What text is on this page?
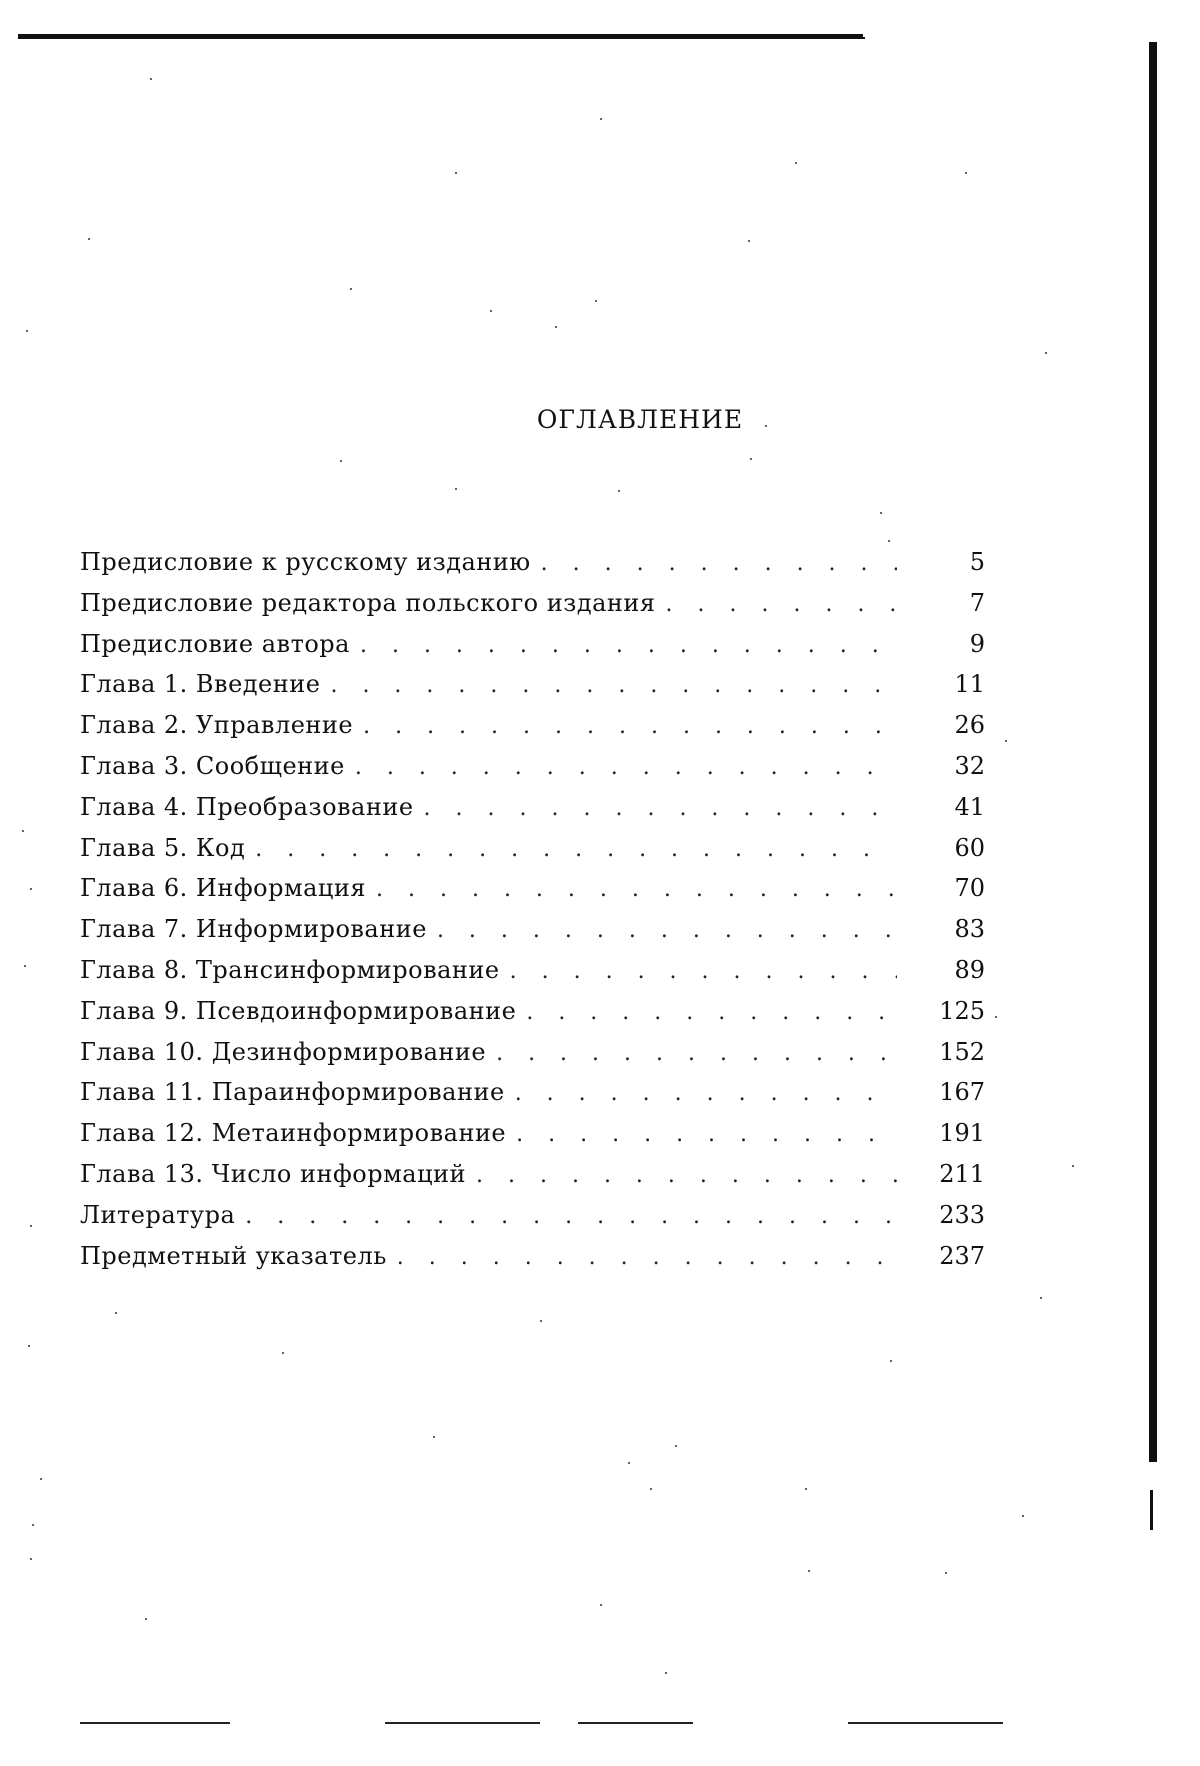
ОГЛАВЛЕНИЕ
Предисловие к русскому изданию . . .	5
Предисловие редактора польского издания . . .	7
Предисловие автора . . .	9
Глава 1. Введение . . .	11
Глава 2. Управление . . .	26
Глава 3. Сообщение . . .	32
Глава 4. Преобразование . . .	41
Глава 5. Код . . .	60
Глава 6. Информация . . .	70
Глава 7. Информирование . . .	83
Глава 8. Трансинформирование . . .	89
Глава 9. Псевдоинформирование . . .	125
Глава 10. Дезинформирование . . .	152
Глава 11. Параинформирование . . .	167
Глава 12. Метаинформирование . . .	191
Глава 13. Число информаций . . .	211
Литература . . .	233
Предметный указатель . . .	237
